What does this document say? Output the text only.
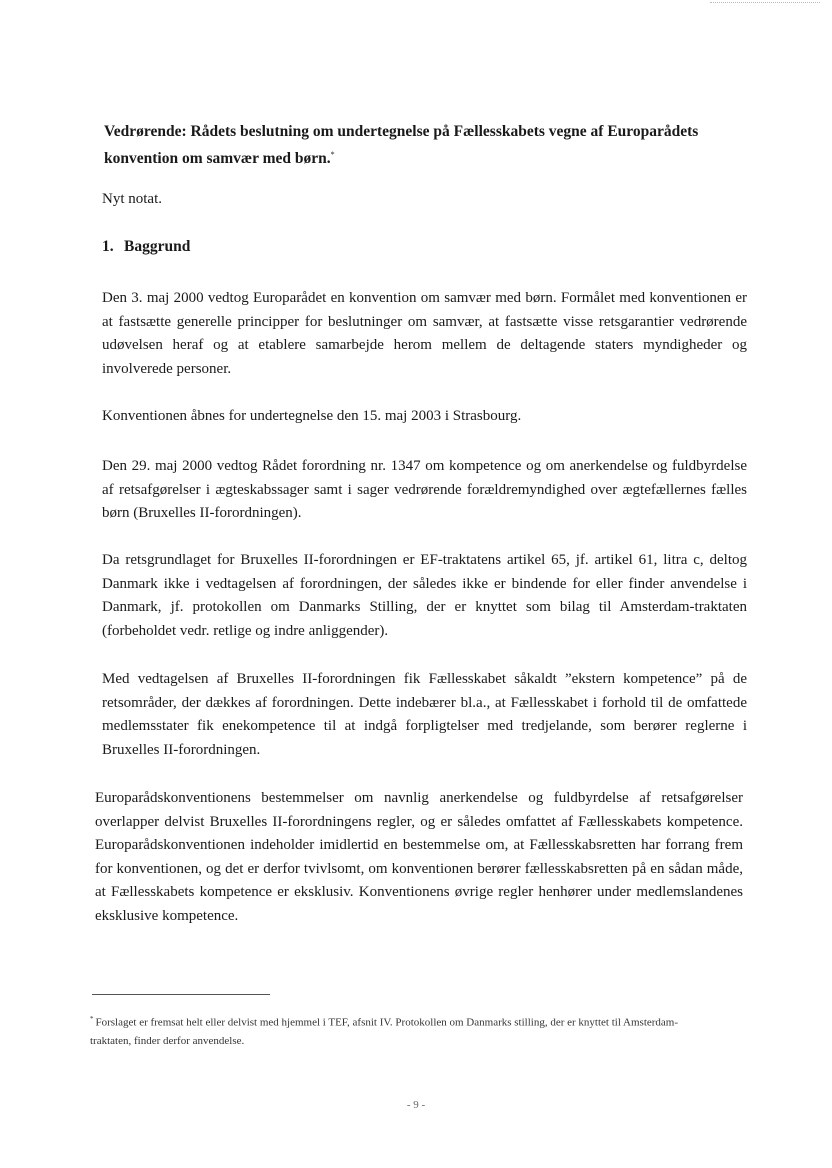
Vedrørende: Rådets beslutning om undertegnelse på Fællesskabets vegne af Europarådets konvention om samvær med børn.*
Nyt notat.
1. Baggrund

Den 3. maj 2000 vedtog Europarådet en konvention om samvær med børn. Formålet med konventionen er at fastsætte generelle principper for beslutninger om samvær, at fastsætte visse retsgarantier vedrørende udøvelsen heraf og at etablere samarbejde herom mellem de deltagende staters myndigheder og involverede personer.

Konventionen åbnes for undertegnelse den 15. maj 2003 i Strasbourg.

Den 29. maj 2000 vedtog Rådet forordning nr. 1347 om kompetence og om anerkendelse og fuldbyrdelse af retsafgørelser i ægteskabssager samt i sager vedrørende forældremyndighed over ægtefællernes fælles børn (Bruxelles II-forordningen).

Da retsgrundlaget for Bruxelles II-forordningen er EF-traktatens artikel 65, jf. artikel 61, litra c, deltog Danmark ikke i vedtagelsen af forordningen, der således ikke er bindende for eller finder anvendelse i Danmark, jf. protokollen om Danmarks Stilling, der er knyttet som bilag til Amsterdam-traktaten (forbeholdet vedr. retlige og indre anliggender).

Med vedtagelsen af Bruxelles II-forordningen fik Fællesskabet såkaldt ”ekstern kompetence” på de retsområder, der dækkes af forordningen. Dette indebærer bl.a., at Fællesskabet i forhold til de omfattede medlemsstater fik enekompetence til at indgå forpligtelser med tredjelande, som berører reglerne i Bruxelles II-forordningen.

Europarådskonventionens bestemmelser om navnlig anerkendelse og fuldbyrdelse af retsafgørelser overlapper delvist Bruxelles II-forordningens regler, og er således omfattet af Fællesskabets kompetence. Europarådskonventionen indeholder imidlertid en bestemmelse om, at Fællesskabsretten har forrang frem for konventionen, og det er derfor tvivlsomt, om konventionen berører fællesskabsretten på en sådan måde, at Fællesskabets kompetence er eksklusiv. Konventionens øvrige regler henhører under medlemslandenes eksklusive kompetence.

* Forslaget er fremsat helt eller delvist med hjemmel i TEF, afsnit IV. Protokollen om Danmarks stilling, der er knyttet til Amsterdam-traktaten, finder derfor anvendelse.
- 9 -
